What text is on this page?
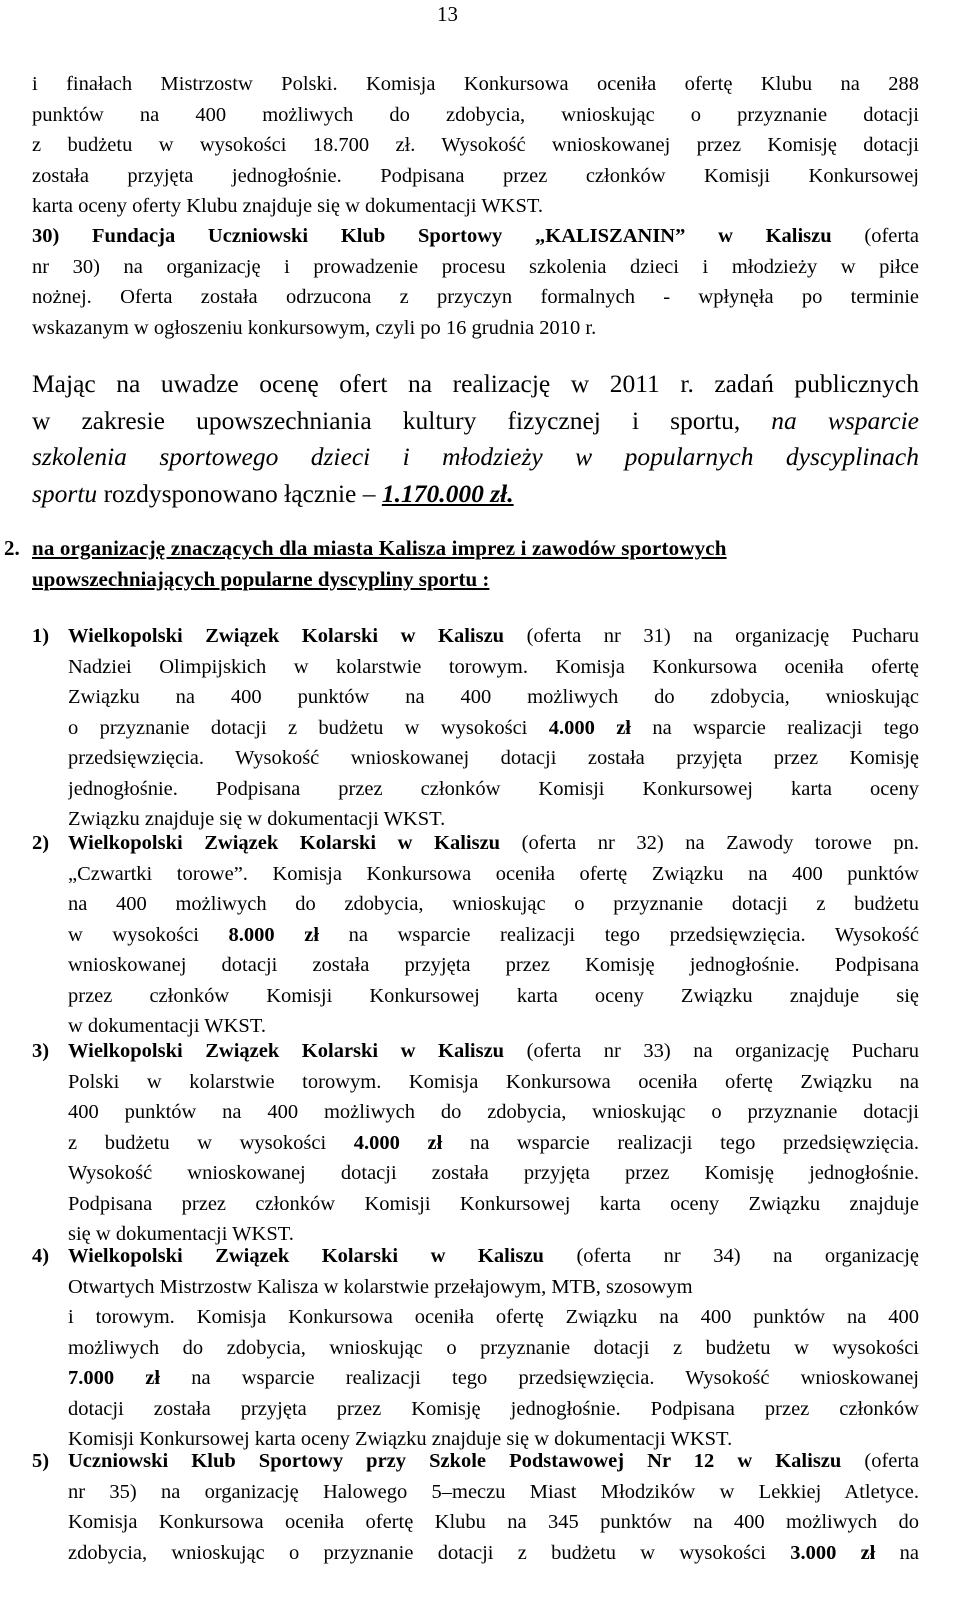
13
i finałach Mistrzostw Polski. Komisja Konkursowa oceniła ofertę Klubu na 288
punktów na 400 możliwych do zdobycia, wnioskując o przyznanie dotacji
z budżetu w wysokości 18.700 zł. Wysokość wnioskowanej przez Komisję dotacji
została przyjęta jednogłośnie. Podpisana przez członków Komisji Konkursowej
karta oceny oferty Klubu znajduje się w dokumentacji WKST.
30) Fundacja Uczniowski Klub Sportowy „KALISZANIN” w Kaliszu (oferta
nr 30) na organizację i prowadzenie procesu szkolenia dzieci i młodzieży w piłce
nożnej. Oferta została odrzucona z przyczyn formalnych - wpłynęła po terminie
wskazanym w ogłoszeniu konkursowym, czyli po 16 grudnia 2010 r.
Mając na uwadze ocenę ofert na realizację w 2011 r. zadań publicznych
w zakresie upowszechniania kultury fizycznej i sportu, na wsparcie
szkolenia sportowego dzieci i młodzieży w popularnych dyscyplinach
sportu rozdysponowano łącznie – 1.170.000 zł.
2. na organizację znaczących dla miasta Kalisza imprez i zawodów sportowych
upowszechniających popularne dyscypliny sportu :
1) Wielkopolski Związek Kolarski w Kaliszu (oferta nr 31) na organizację Pucharu
Nadziei Olimpijskich w kolarstwie torowym. Komisja Konkursowa oceniła ofertę
Związku na 400 punktów na 400 możliwych do zdobycia, wnioskując
o przyznanie dotacji z budżetu w wysokości 4.000 zł na wsparcie realizacji tego
przedsięwzięcia. Wysokość wnioskowanej dotacji została przyjęta przez Komisję
jednogłośnie. Podpisana przez członków Komisji Konkursowej karta oceny
Związku znajduje się w dokumentacji WKST.
2) Wielkopolski Związek Kolarski w Kaliszu (oferta nr 32) na Zawody torowe pn.
„Czwartki torowe”. Komisja Konkursowa oceniła ofertę Związku na 400 punktów
na 400 możliwych do zdobycia, wnioskując o przyznanie dotacji z budżetu
w wysokości 8.000 zł na wsparcie realizacji tego przedsięwzięcia. Wysokość
wnioskowanej dotacji została przyjęta przez Komisję jednogłośnie. Podpisana
przez członków Komisji Konkursowej karta oceny Związku znajduje się
w dokumentacji WKST.
3) Wielkopolski Związek Kolarski w Kaliszu (oferta nr 33) na organizację Pucharu
Polski w kolarstwie torowym. Komisja Konkursowa oceniła ofertę Związku na
400 punktów na 400 możliwych do zdobycia, wnioskując o przyznanie dotacji
z budżetu w wysokości 4.000 zł na wsparcie realizacji tego przedsięwzięcia.
Wysokość wnioskowanej dotacji została przyjęta przez Komisję jednogłośnie.
Podpisana przez członków Komisji Konkursowej karta oceny Związku znajduje
się w dokumentacji WKST.
4) Wielkopolski Związek Kolarski w Kaliszu (oferta nr 34) na organizację
Otwartych Mistrzostw Kalisza w kolarstwie przełajowym, MTB, szosowym
i torowym. Komisja Konkursowa oceniła ofertę Związku na 400 punktów na 400
możliwych do zdobycia, wnioskując o przyznanie dotacji z budżetu w wysokości
7.000 zł na wsparcie realizacji tego przedsięwzięcia. Wysokość wnioskowanej
dotacji została przyjęta przez Komisję jednogłośnie. Podpisana przez członków
Komisji Konkursowej karta oceny Związku znajduje się w dokumentacji WKST.
5) Uczniowski Klub Sportowy przy Szkole Podstawowej Nr 12 w Kaliszu (oferta
nr 35) na organizację Halowego 5–meczu Miast Młodzików w Lekkiej Atletyce.
Komisja Konkursowa oceniła ofertę Klubu na 345 punktów na 400 możliwych do
zdobycia, wnioskując o przyznanie dotacji z budżetu w wysokości 3.000 zł na
